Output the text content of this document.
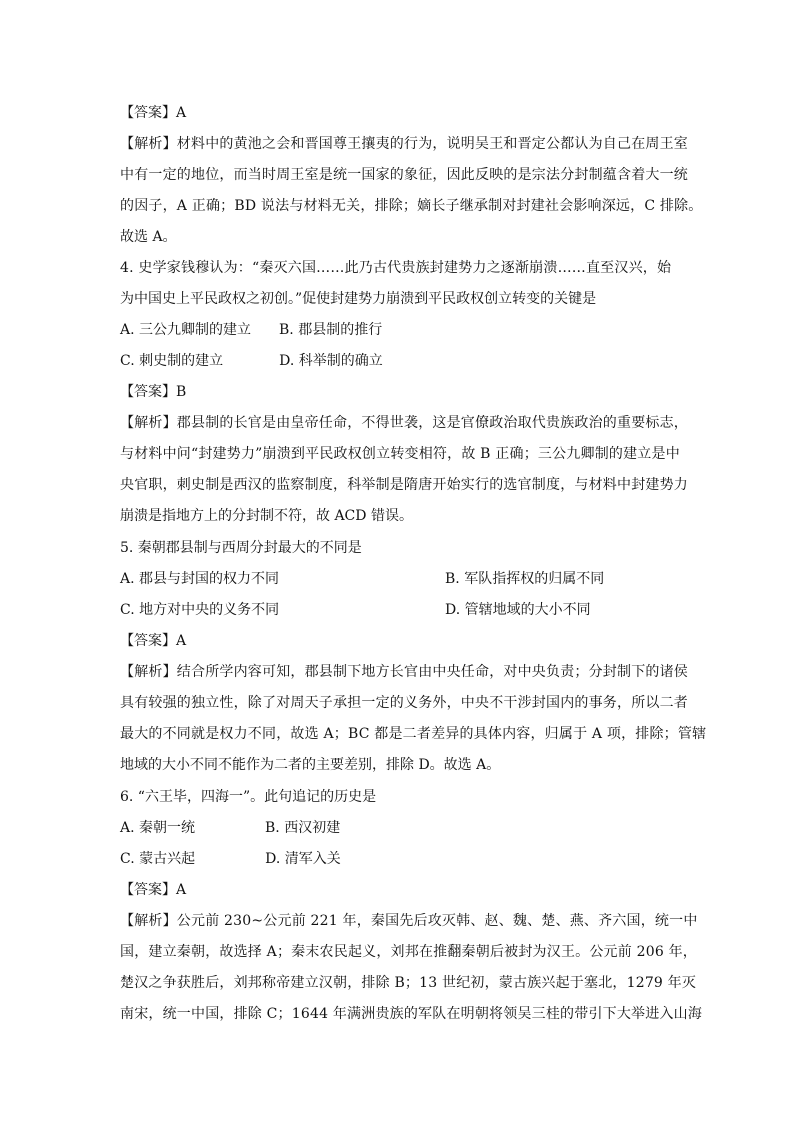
【答案】A
【解析】材料中的黄池之会和晋国尊王攘夷的行为，说明吴王和晋定公都认为自己在周王室
中有一定的地位，而当时周王室是统一国家的象征，因此反映的是宗法分封制蕴含着大一统
的因子，A 正确；BD 说法与材料无关，排除；嫡长子继承制对封建社会影响深远，C 排除。
故选 A。
4. 史学家钱穆认为：“秦灭六国……此乃古代贵族封建势力之逐渐崩溃……直至汉兴，始
为中国史上平民政权之初创。”促使封建势力崩溃到平民政权创立转变的关键是
A. 三公九卿制的建立　　B. 郡县制的推行
C. 刺史制的建立　　　　D. 科举制的确立
【答案】B
【解析】郡县制的长官是由皇帝任命，不得世袭，这是官僚政治取代贵族政治的重要标志，
与材料中问“封建势力”崩溃到平民政权创立转变相符，故 B 正确；三公九卿制的建立是中
央官职，刺史制是西汉的监察制度，科举制是隋唐开始实行的选官制度，与材料中封建势力
崩溃是指地方上的分封制不符，故 ACD 错误。
5. 秦朝郡县制与西周分封最大的不同是
A. 郡县与封国的权力不同	B. 军队指挥权的归属不同
C. 地方对中央的义务不同	D. 管辖地域的大小不同
【答案】A
【解析】结合所学内容可知，郡县制下地方长官由中央任命，对中央负责；分封制下的诸侯
具有较强的独立性，除了对周天子承担一定的义务外，中央不干涉封国内的事务，所以二者
最大的不同就是权力不同，故选 A；BC 都是二者差异的具体内容，归属于 A 项，排除；管辖
地域的大小不同不能作为二者的主要差别，排除 D。故选 A。
6. “六王毕，四海一”。此句追记的历史是
A. 秦朝一统　　　　　B. 西汉初建
C. 蒙古兴起　　　　　D. 清军入关
【答案】A
【解析】公元前 230~公元前 221 年，秦国先后攻灭韩、赵、魏、楚、燕、齐六国，统一中
国，建立秦朝，故选择 A；秦末农民起义，刘邦在推翻秦朝后被封为汉王。公元前 206 年，
楚汉之争获胜后，刘邦称帝建立汉朝，排除 B；13 世纪初，蒙古族兴起于塞北，1279 年灭
南宋，统一中国，排除 C；1644 年满洲贵族的军队在明朝将领吴三桂的带引下大举进入山海
